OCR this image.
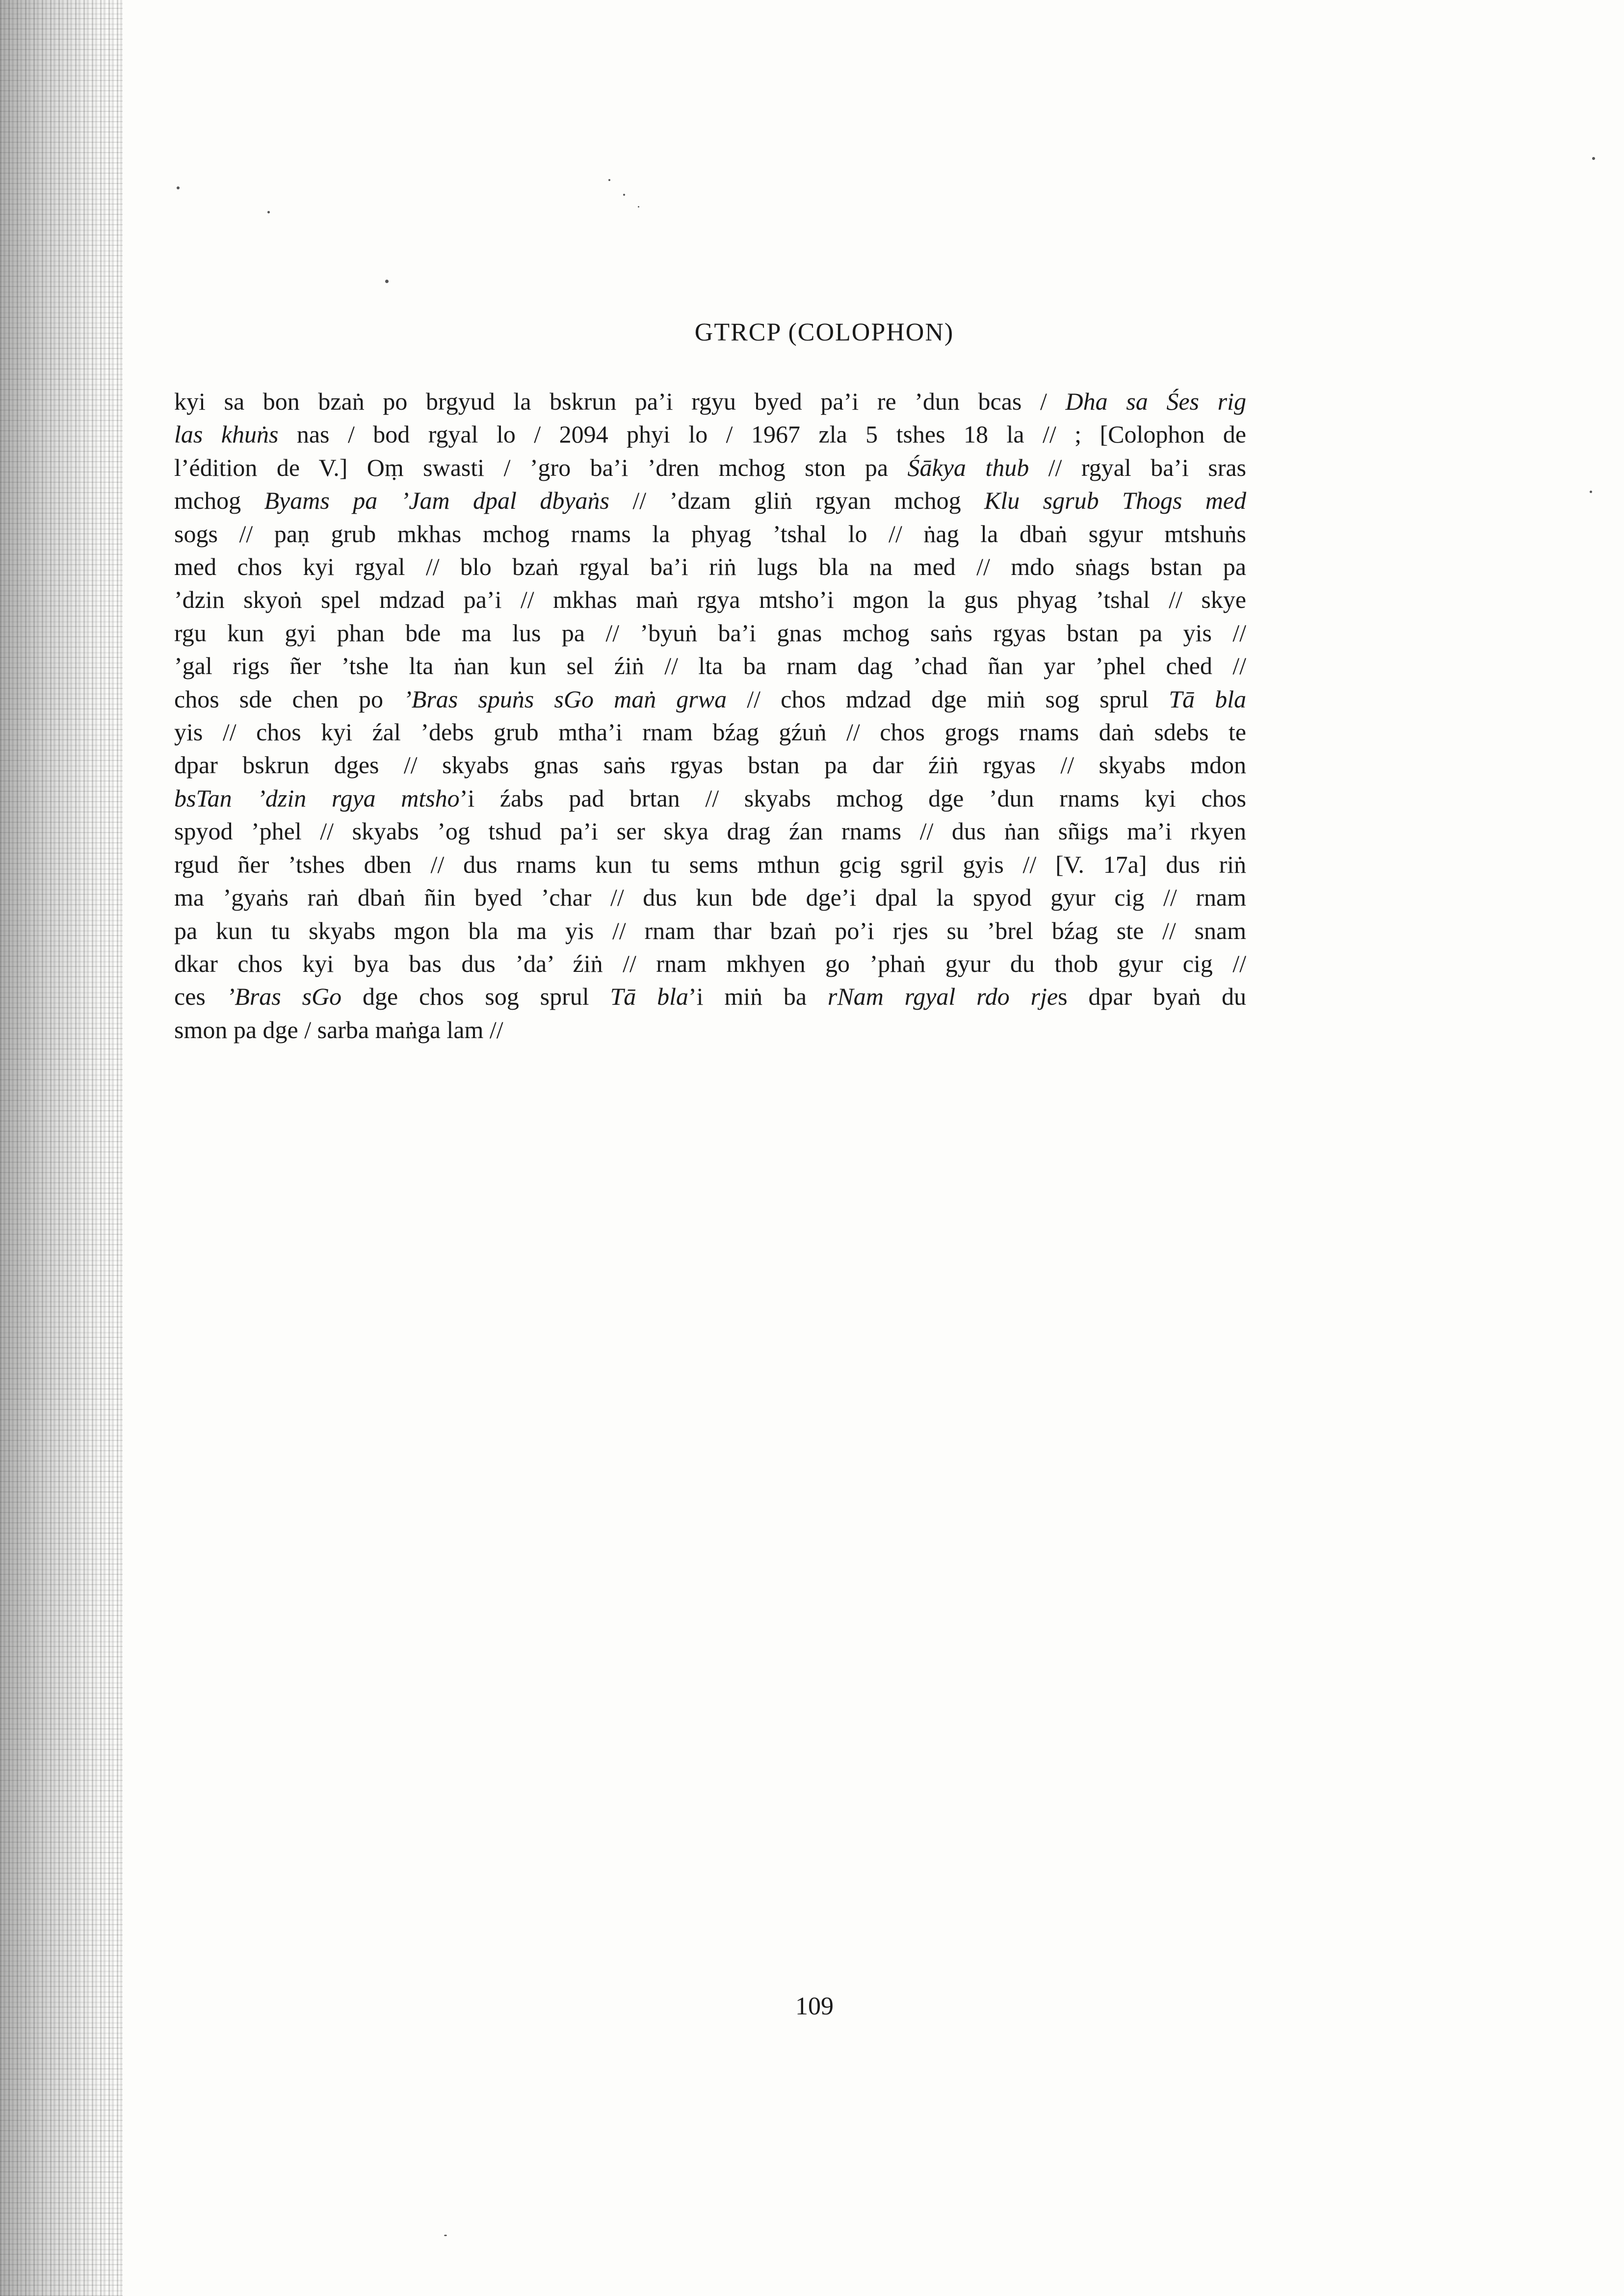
GTRCP (COLOPHON)
kyi sa bon bzaṅ po brgyud la bskrun pa’i rgyu byed pa’i re ’dun bcas / Dha sa Śes rig
las khuṅs nas / bod rgyal lo / 2094 phyi lo / 1967 zla 5 tshes 18 la // ; [Colophon de
l’édition de V.] Oṃ swasti / ’gro ba’i ’dren mchog ston pa Śākya thub // rgyal ba’i sras
mchog Byams pa ’Jam dpal dbyaṅs // ’dzam gliṅ rgyan mchog Klu sgrub Thogs med
sogs // paṇ grub mkhas mchog rnams la phyag ’tshal lo // ṅag la dbaṅ sgyur mtshuṅs
med chos kyi rgyal // blo bzaṅ rgyal ba’i riṅ lugs bla na med // mdo sṅags bstan pa
’dzin skyoṅ spel mdzad pa’i // mkhas maṅ rgya mtsho’i mgon la gus phyag ’tshal // skye
rgu kun gyi phan bde ma lus pa // ’byuṅ ba’i gnas mchog saṅs rgyas bstan pa yis //
’gal rigs ñer ’tshe lta ṅan kun sel źiṅ // lta ba rnam dag ’chad ñan yar ’phel ched //
chos sde chen po ’Bras spuṅs sGo maṅ grwa // chos mdzad dge miṅ sog sprul Tā bla
yis // chos kyi źal ’debs grub mtha’i rnam bźag gźuṅ // chos grogs rnams daṅ sdebs te
dpar bskrun dges // skyabs gnas saṅs rgyas bstan pa dar źiṅ rgyas // skyabs mdon
bsTan ’dzin rgya mtsho’i źabs pad brtan // skyabs mchog dge ’dun rnams kyi chos
spyod ’phel // skyabs ’og tshud pa’i ser skya drag źan rnams // dus ṅan sñigs ma’i rkyen
rgud ñer ’tshes dben // dus rnams kun tu sems mthun gcig sgril gyis // [V. 17a] dus riṅ
ma ’gyaṅs raṅ dbaṅ ñin byed ’char // dus kun bde dge’i dpal la spyod gyur cig // rnam
pa kun tu skyabs mgon bla ma yis // rnam thar bzaṅ po’i rjes su ’brel bźag ste // snam
dkar chos kyi bya bas dus ’da’ źiṅ // rnam mkhyen go ’phaṅ gyur du thob gyur cig //
ces ’Bras sGo dge chos sog sprul Tā bla’i miṅ ba rNam rgyal rdo rjes dpar byaṅ du
smon pa dge / sarba maṅga lam //
109
